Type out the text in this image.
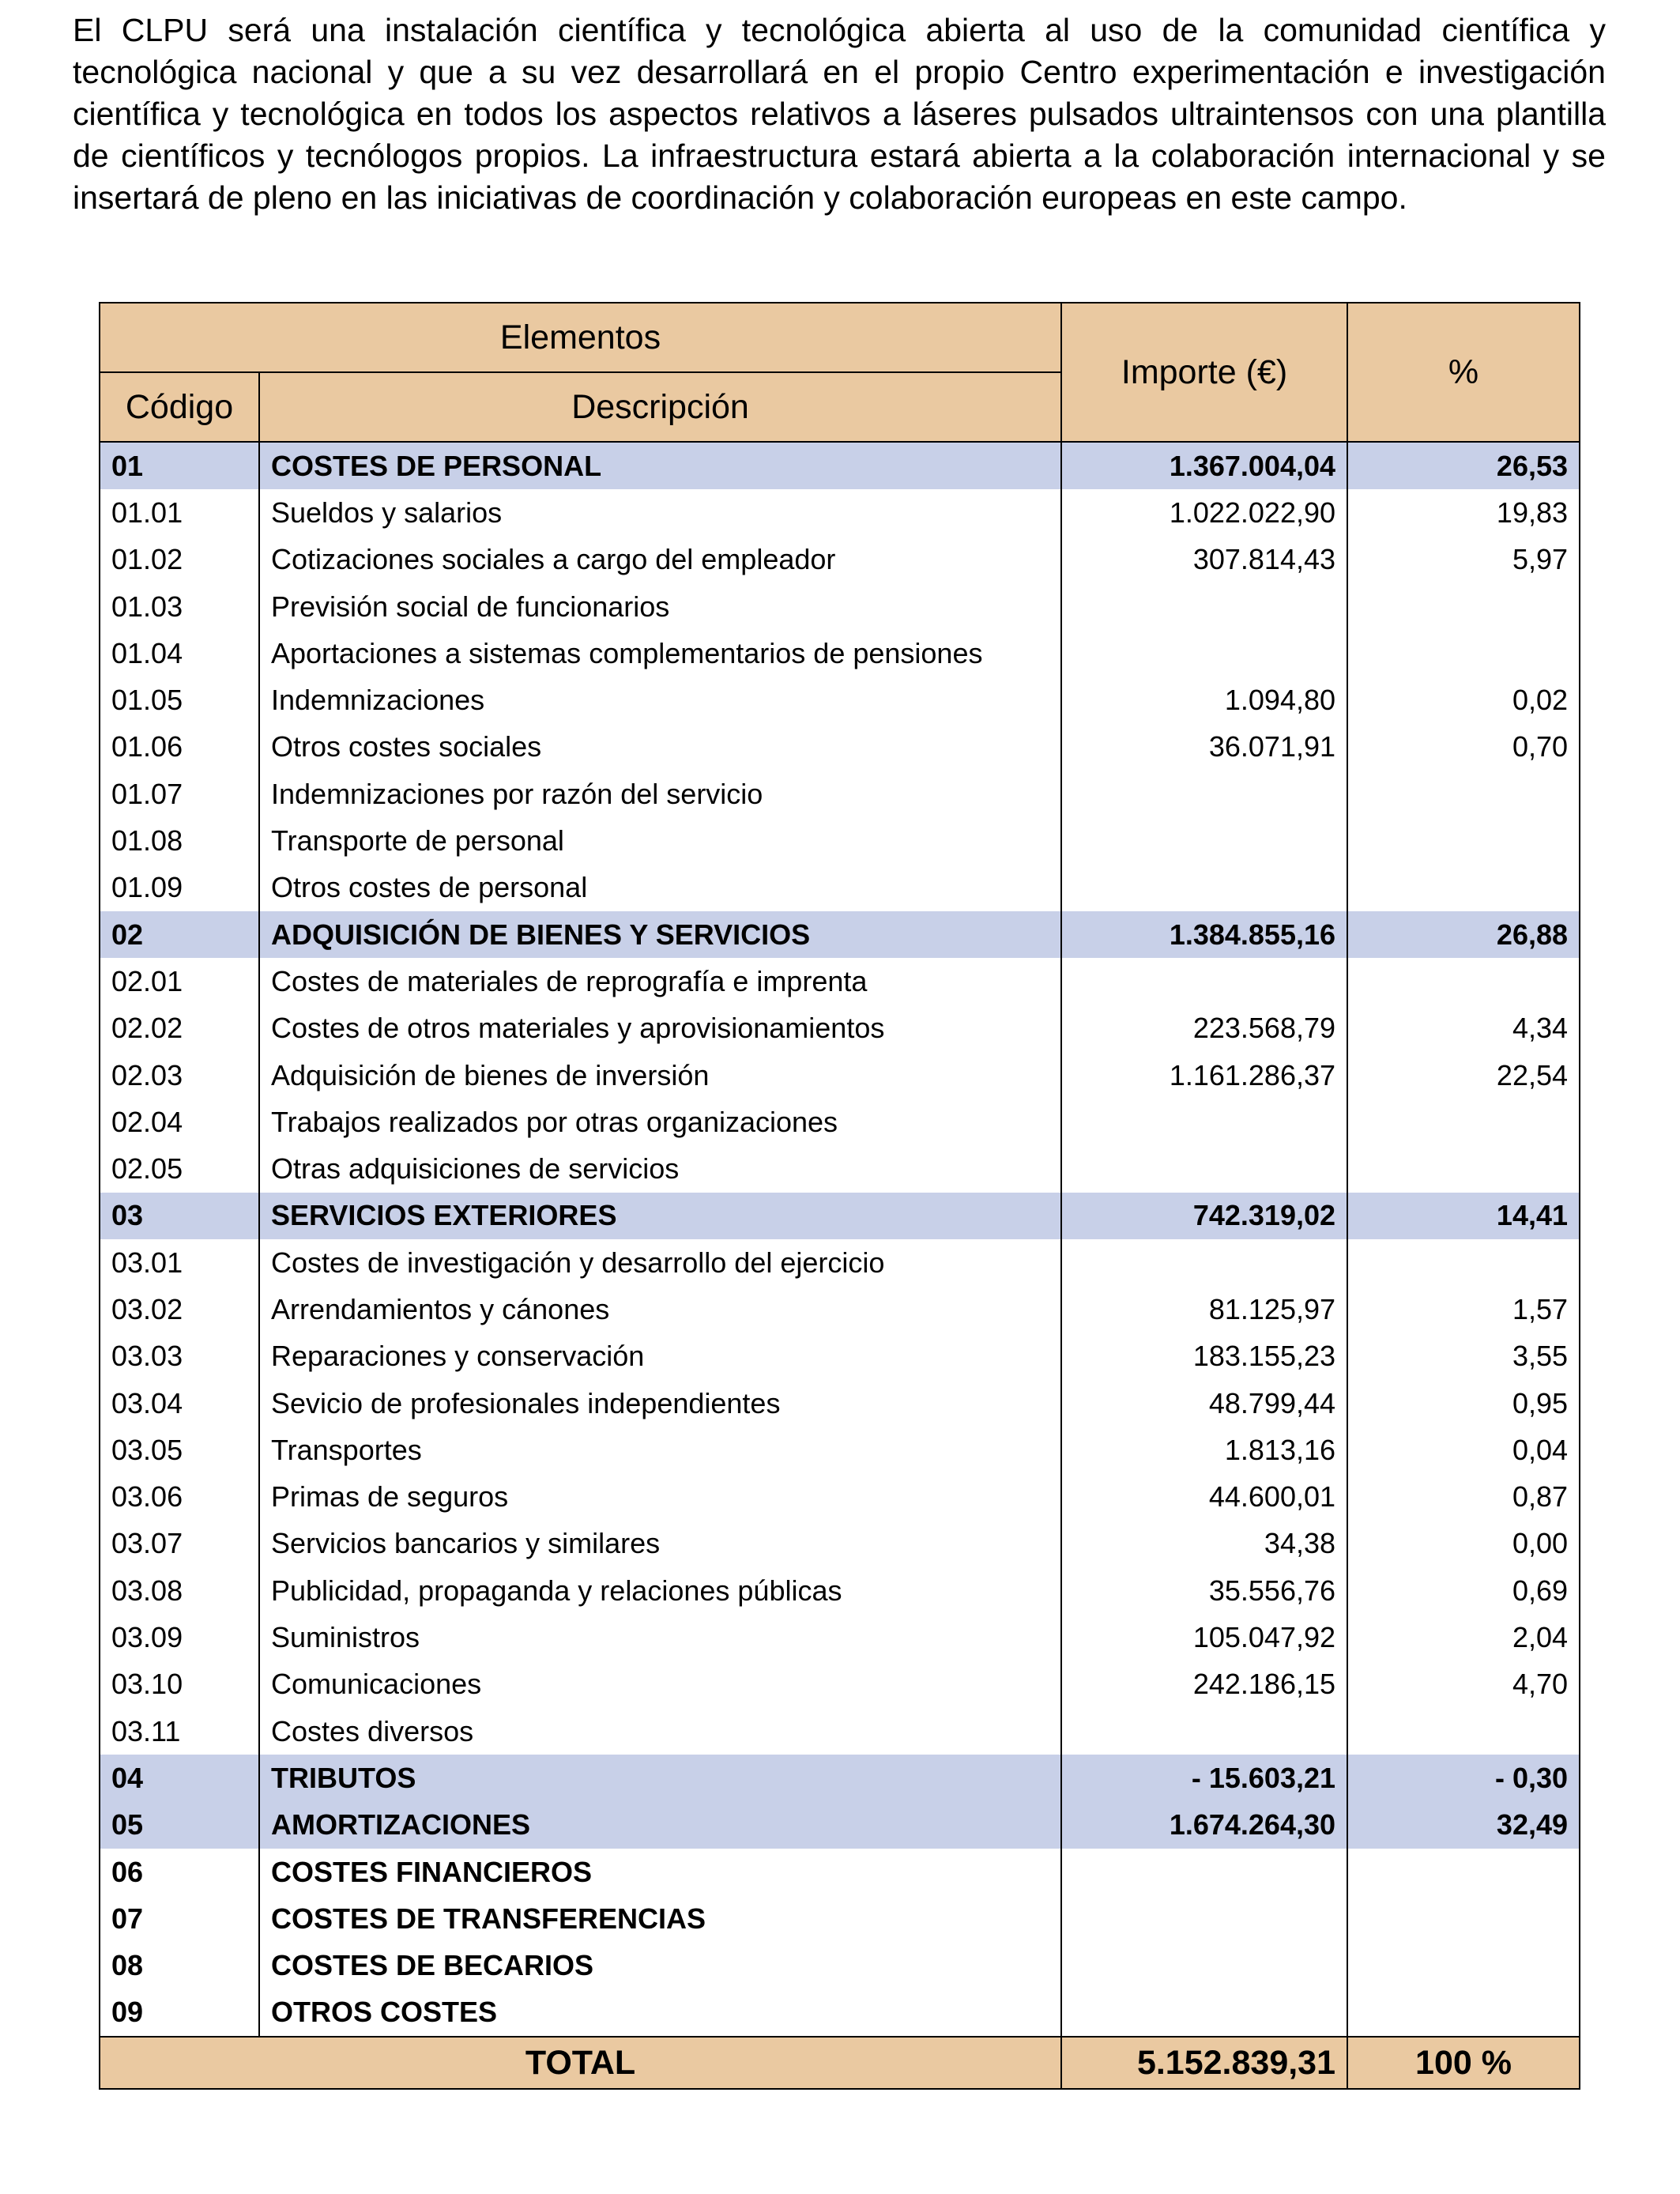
El CLPU será una instalación científica y tecnológica abierta al uso de la comunidad científica y tecnológica nacional y que a su vez desarrollará en el propio Centro experimentación e investigación científica y tecnológica en todos los aspectos relativos a láseres pulsados ultraintensos con una plantilla de científicos y tecnólogos propios. La infraestructura estará abierta a la colaboración internacional y se insertará de pleno en las iniciativas de coordinación y colaboración europeas en este campo.

Elementos		Importe (€)	%
Código	Descripción		
01	COSTES DE PERSONAL	1.367.004,04	26,53
01.01	Sueldos y salarios	1.022.022,90	19,83
01.02	Cotizaciones sociales a cargo del empleador	307.814,43	5,97
01.03	Previsión social de funcionarios		
01.04	Aportaciones a sistemas complementarios de pensiones		
01.05	Indemnizaciones	1.094,80	0,02
01.06	Otros costes sociales	36.071,91	0,70
01.07	Indemnizaciones por razón del servicio		
01.08	Transporte de personal		
01.09	Otros costes de personal		
02	ADQUISICIÓN DE BIENES Y SERVICIOS	1.384.855,16	26,88
02.01	Costes de materiales de reprografía e imprenta		
02.02	Costes de otros materiales y aprovisionamientos	223.568,79	4,34
02.03	Adquisición de bienes de inversión	1.161.286,37	22,54
02.04	Trabajos realizados por otras organizaciones		
02.05	Otras adquisiciones de servicios		
03	SERVICIOS EXTERIORES	742.319,02	14,41
03.01	Costes de investigación y desarrollo del ejercicio		
03.02	Arrendamientos y cánones	81.125,97	1,57
03.03	Reparaciones y conservación	183.155,23	3,55
03.04	Sevicio de profesionales independientes	48.799,44	0,95
03.05	Transportes	1.813,16	0,04
03.06	Primas de seguros	44.600,01	0,87
03.07	Servicios bancarios y similares	34,38	0,00
03.08	Publicidad, propaganda y relaciones públicas	35.556,76	0,69
03.09	Suministros	105.047,92	2,04
03.10	Comunicaciones	242.186,15	4,70
03.11	Costes diversos		
04	TRIBUTOS	- 15.603,21	- 0,30
05	AMORTIZACIONES	1.674.264,30	32,49
06	COSTES FINANCIEROS		
07	COSTES DE TRANSFERENCIAS		
08	COSTES DE BECARIOS		
09	OTROS COSTES		
TOTAL		5.152.839,31	100 %
